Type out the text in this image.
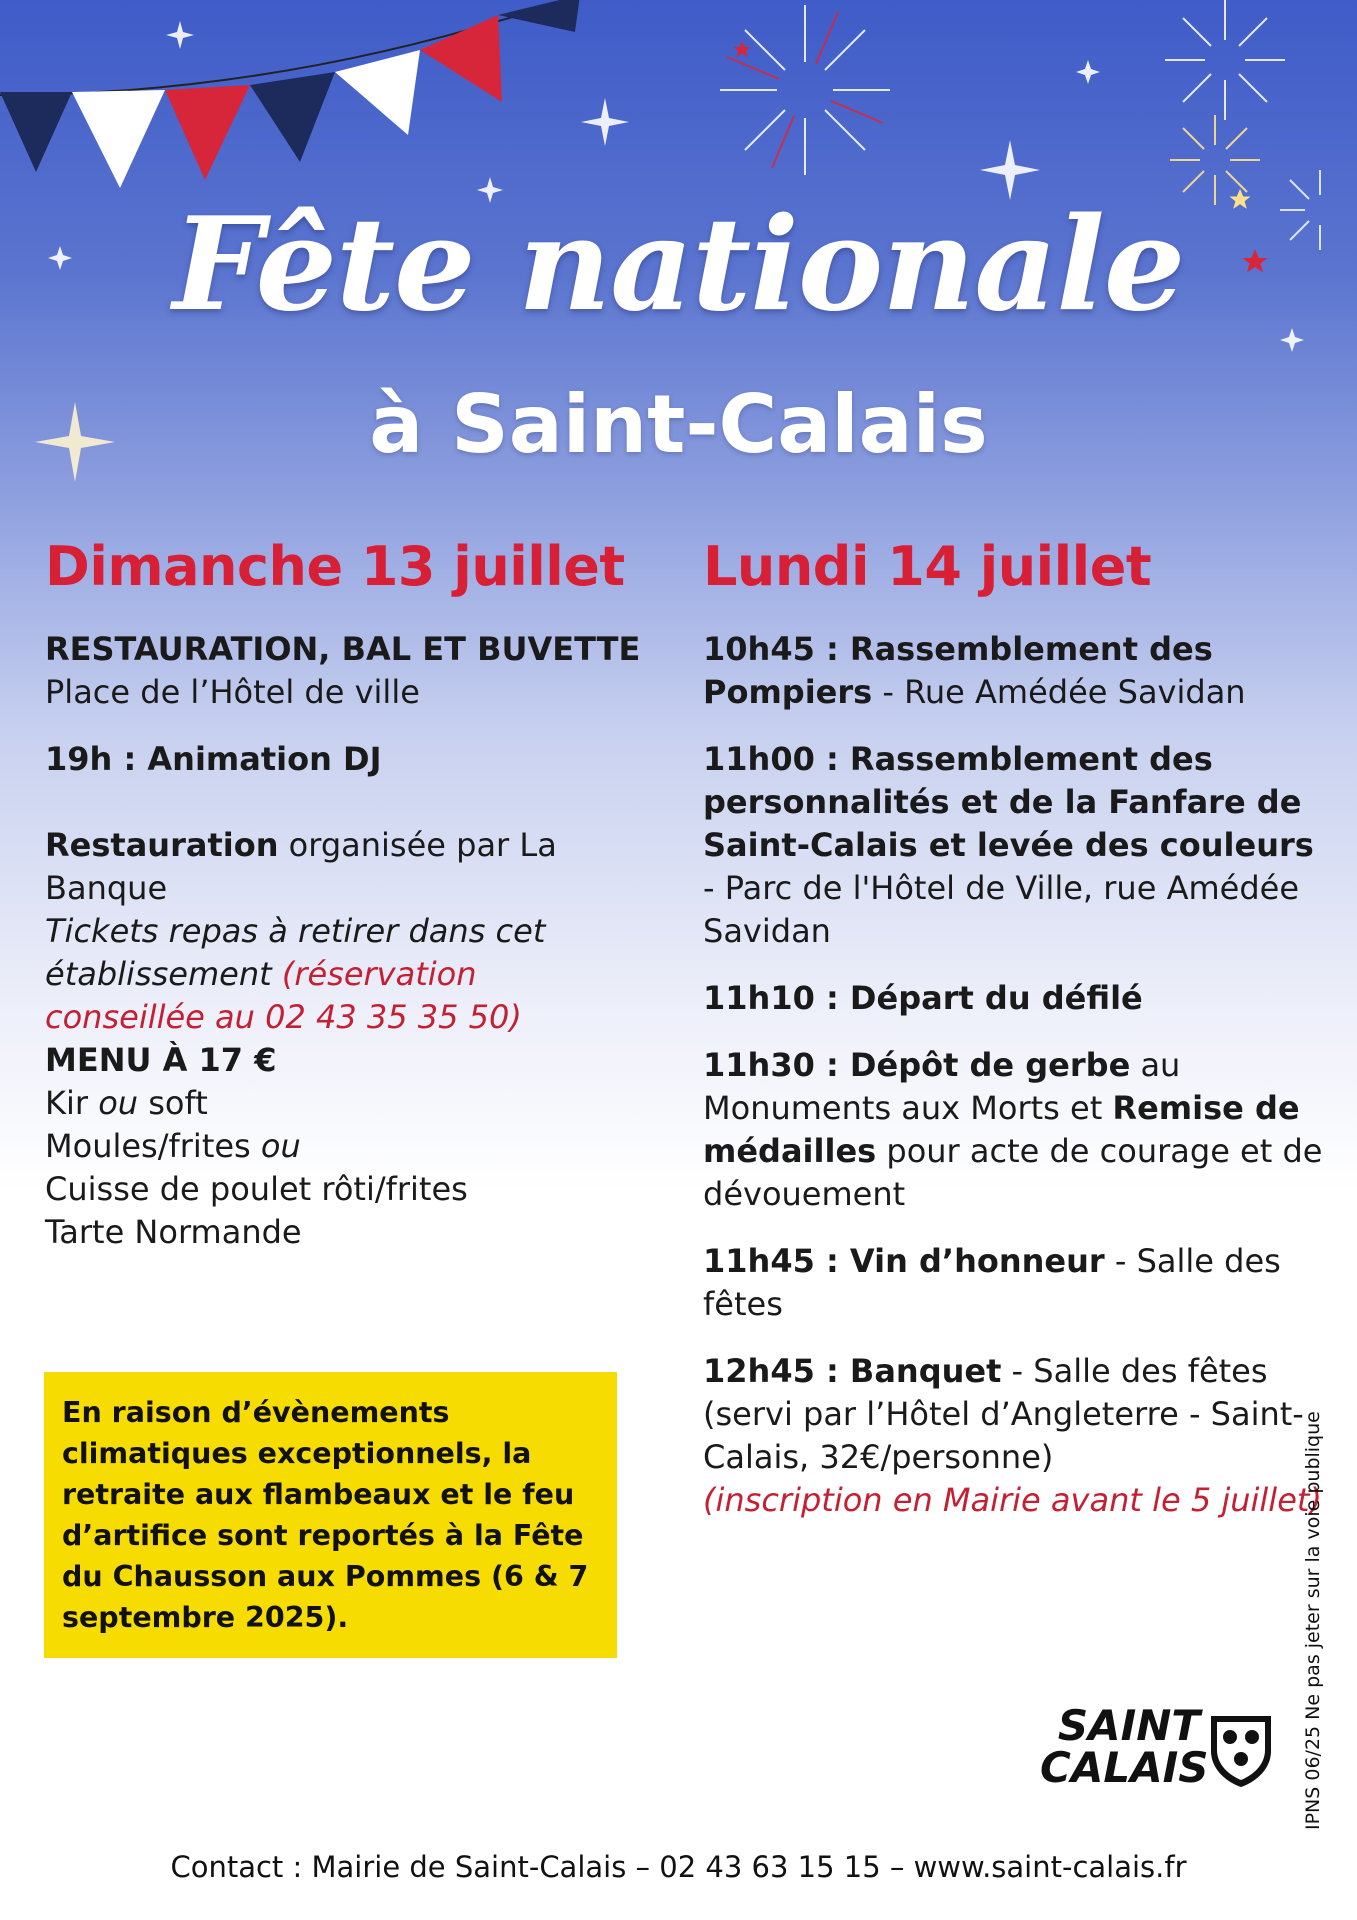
Fête nationale
à Saint-Calais
Dimanche 13 juillet

RESTAURATION, BAL ET BUVETTE

Place de l’Hôtel de ville

19h : Animation DJ

Restauration organisée par La Banque

Tickets repas à retirer dans cet établissement (réservation conseillée au 02 43 35 35 50)

MENU À 17 €

Kir ou soft

Moules/frites ou

Cuisse de poulet rôti/frites

Tarte Normande

En raison d’évènements climatiques exceptionnels, la retraite aux flambeaux et le feu d’artifice sont reportés à la Fête du Chausson aux Pommes (6 & 7 septembre 2025).
Lundi 14 juillet

10h45 : Rassemblement des Pompiers - Rue Amédée Savidan

11h00 : Rassemblement des personnalités et de la Fanfare de Saint-Calais et levée des couleurs - Parc de l'Hôtel de Ville, rue Amédée Savidan

11h10 : Départ du défilé

11h30 : Dépôt de gerbe au Monuments aux Morts et Remise de médailles pour acte de courage et de dévouement

11h45 : Vin d’honneur - Salle des fêtes

12h45 : Banquet - Salle des fêtes (servi par l’Hôtel d’Angleterre - Saint-Calais, 32€/personne)

(inscription en Mairie avant le 5 juillet)

SAINT
CALAIS	IPNS 06/25 Ne pas jeter sur la voie publique
Contact : Mairie de Saint-Calais – 02 43 63 15 15 – www.saint-calais.fr
